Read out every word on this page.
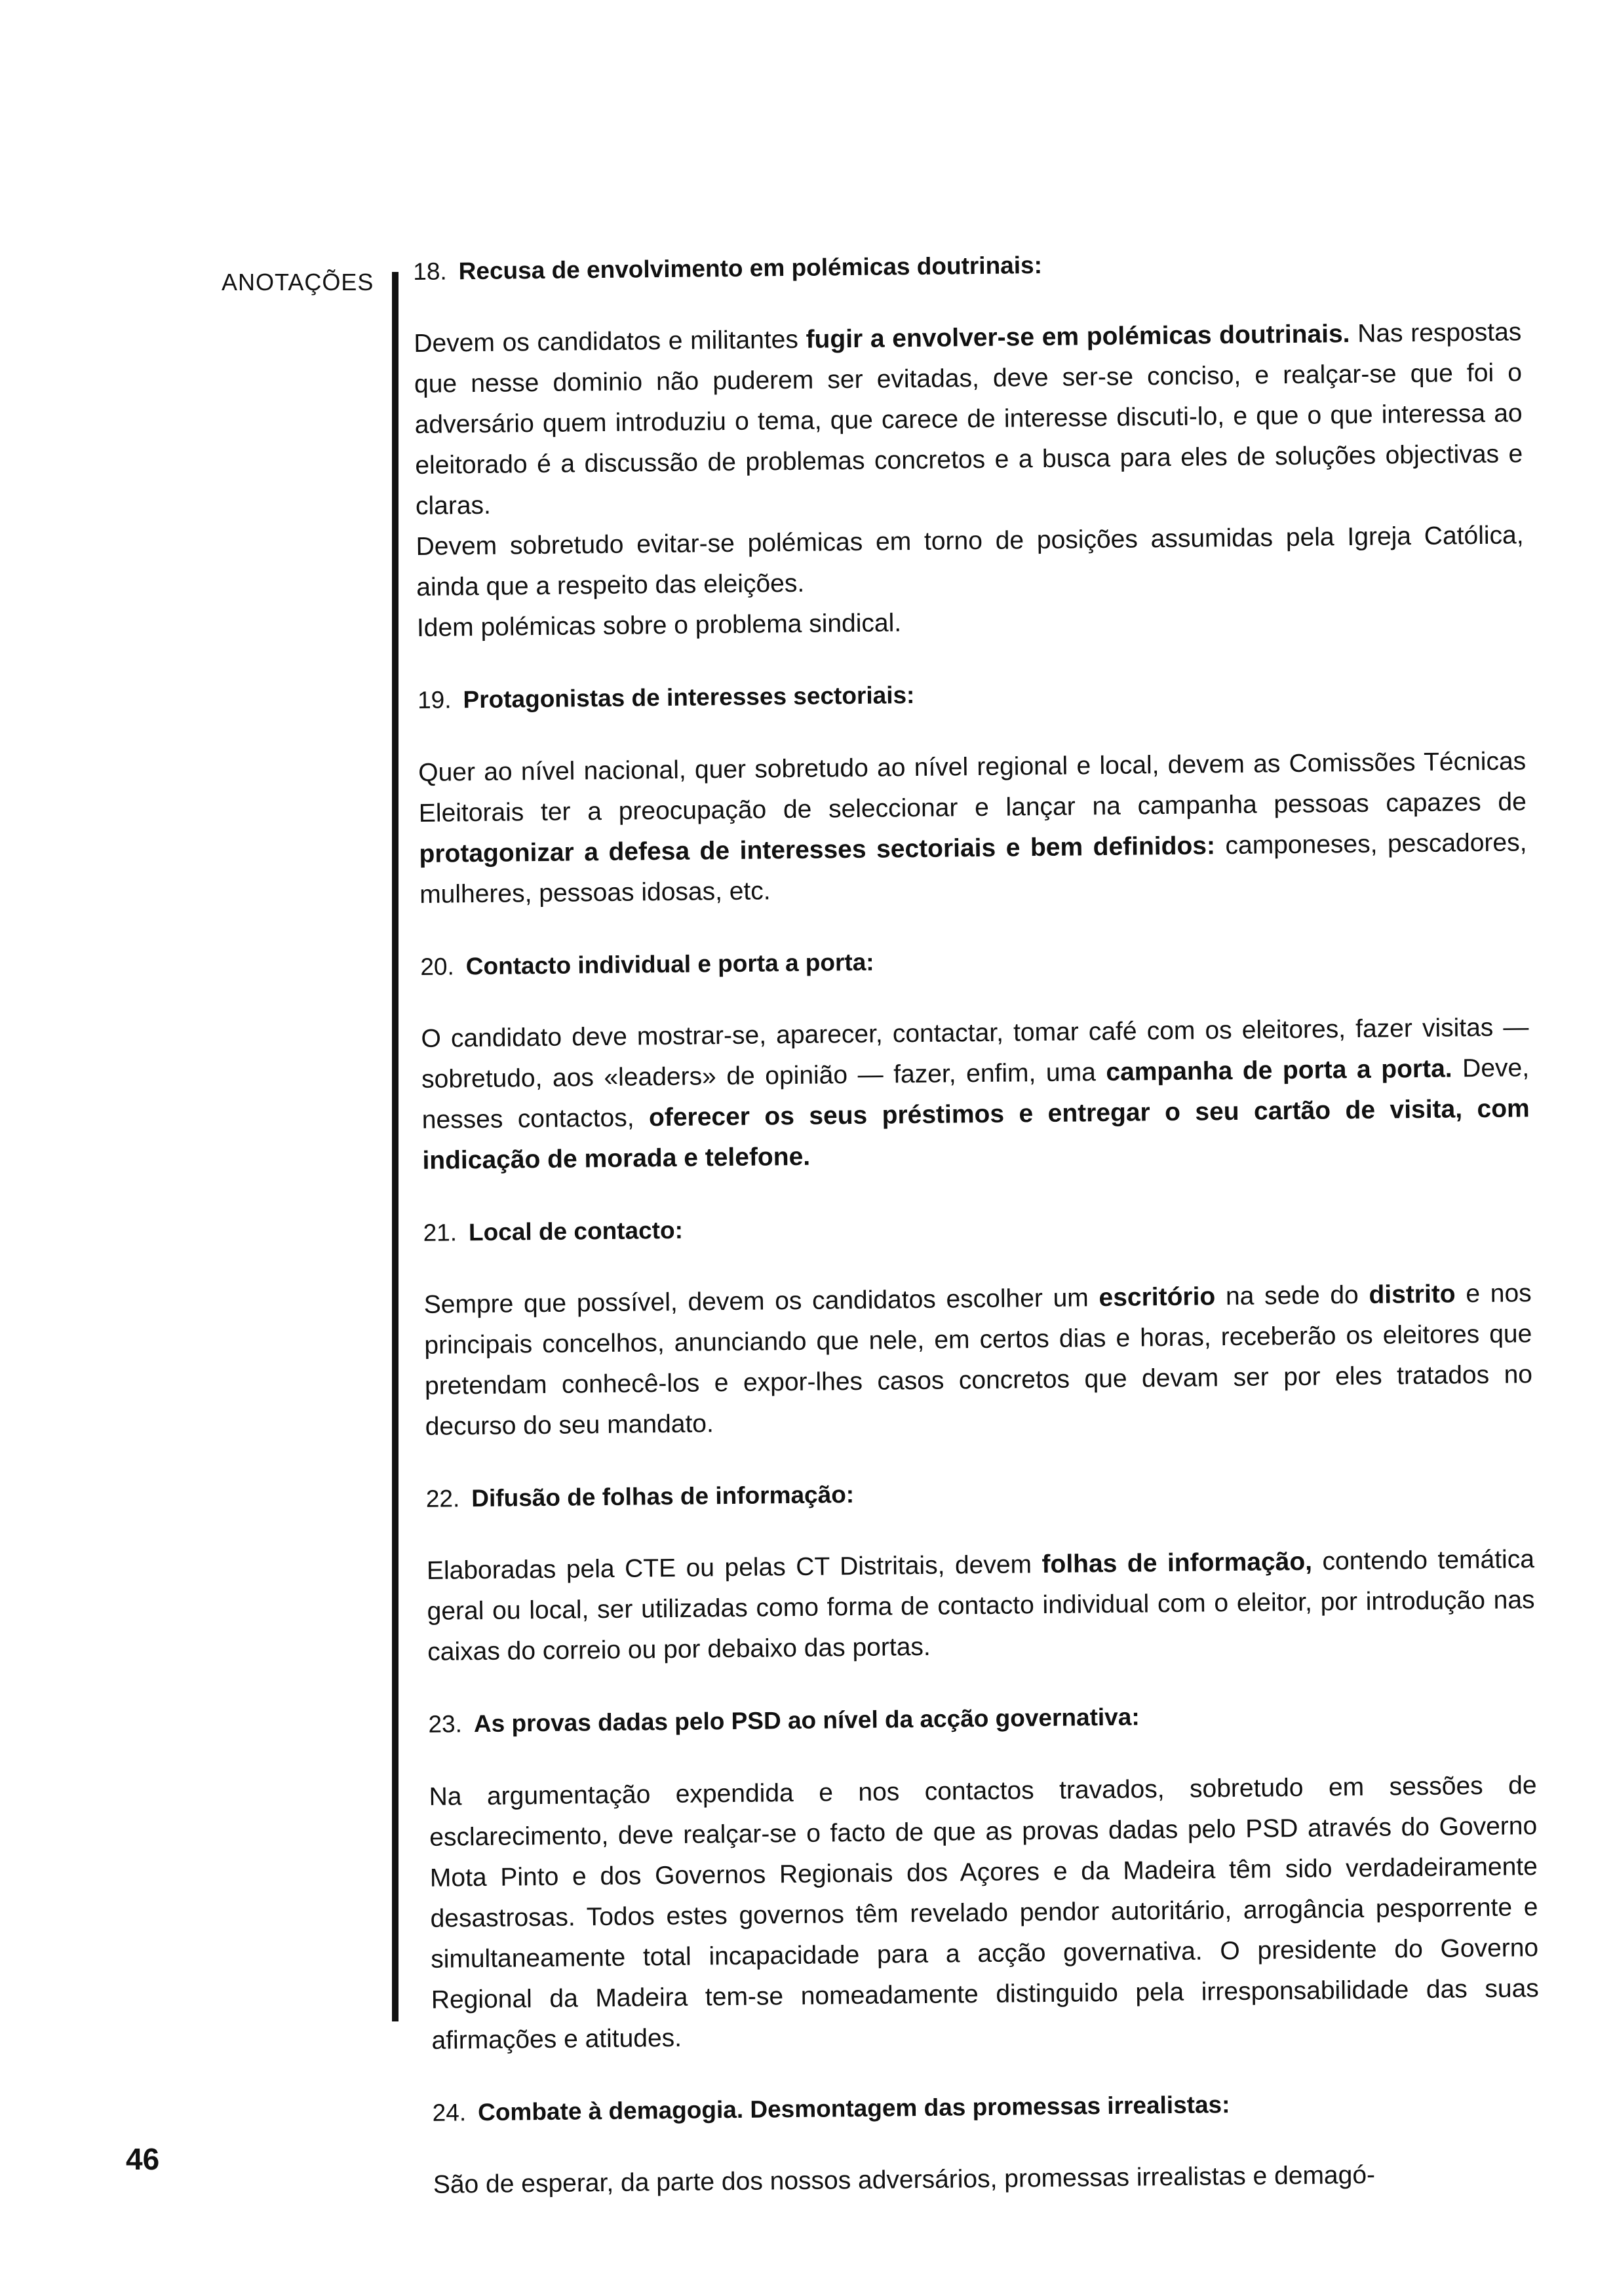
ANOTAÇÕES 18. Recusa de envolvimento em polémicas doutrinais:

Devem os candidatos e militantes fugir a envolver-se em polémicas doutrinais. Nas respostas que nesse dominio não puderem ser evitadas, deve ser-se conciso, e realçar-se que foi o adversário quem introduziu o tema, que carece de interesse discuti-lo, e que o que interessa ao eleitorado é a discussão de problemas concretos e a busca para eles de soluções objectivas e claras.

Devem sobretudo evitar-se polémicas em torno de posições assumidas pela Igreja Católica, ainda que a respeito das eleições.

Idem polémicas sobre o problema sindical.

19. Protagonistas de interesses sectoriais:

Quer ao nível nacional, quer sobretudo ao nível regional e local, devem as Comissões Técnicas Eleitorais ter a preocupação de seleccionar e lançar na campanha pessoas capazes de protagonizar a defesa de interesses sectoriais e bem definidos: camponeses, pescadores, mulheres, pessoas idosas, etc.

20. Contacto individual e porta a porta:

O candidato deve mostrar-se, aparecer, contactar, tomar café com os eleitores, fazer visitas — sobretudo, aos «leaders» de opinião — fazer, enfim, uma campanha de porta a porta. Deve, nesses contactos, oferecer os seus préstimos e entregar o seu cartão de visita, com indicação de morada e telefone.

21. Local de contacto:

Sempre que possível, devem os candidatos escolher um escritório na sede do distrito e nos principais concelhos, anunciando que nele, em certos dias e horas, receberão os eleitores que pretendam conhecê-los e expor-lhes casos concretos que devam ser por eles tratados no decurso do seu mandato.

22. Difusão de folhas de informação:

Elaboradas pela CTE ou pelas CT Distritais, devem folhas de informação, contendo temática geral ou local, ser utilizadas como forma de contacto individual com o eleitor, por introdução nas caixas do correio ou por debaixo das portas.

23. As provas dadas pelo PSD ao nível da acção governativa:

Na argumentação expendida e nos contactos travados, sobretudo em sessões de esclarecimento, deve realçar-se o facto de que as provas dadas pelo PSD através do Governo Mota Pinto e dos Governos Regionais dos Açores e da Madeira têm sido verdadeiramente desastrosas. Todos estes governos têm revelado pendor autoritário, arrogância pesporrente e simultaneamente total incapacidade para a acção governativa. O presidente do Governo Regional da Madeira tem-se nomeadamente distinguido pela irresponsabilidade das suas afirmações e atitudes.

24. Combate à demagogia. Desmontagem das promessas irrealistas:

São de esperar, da parte dos nossos adversários, promessas irrealistas e demagó-

46
